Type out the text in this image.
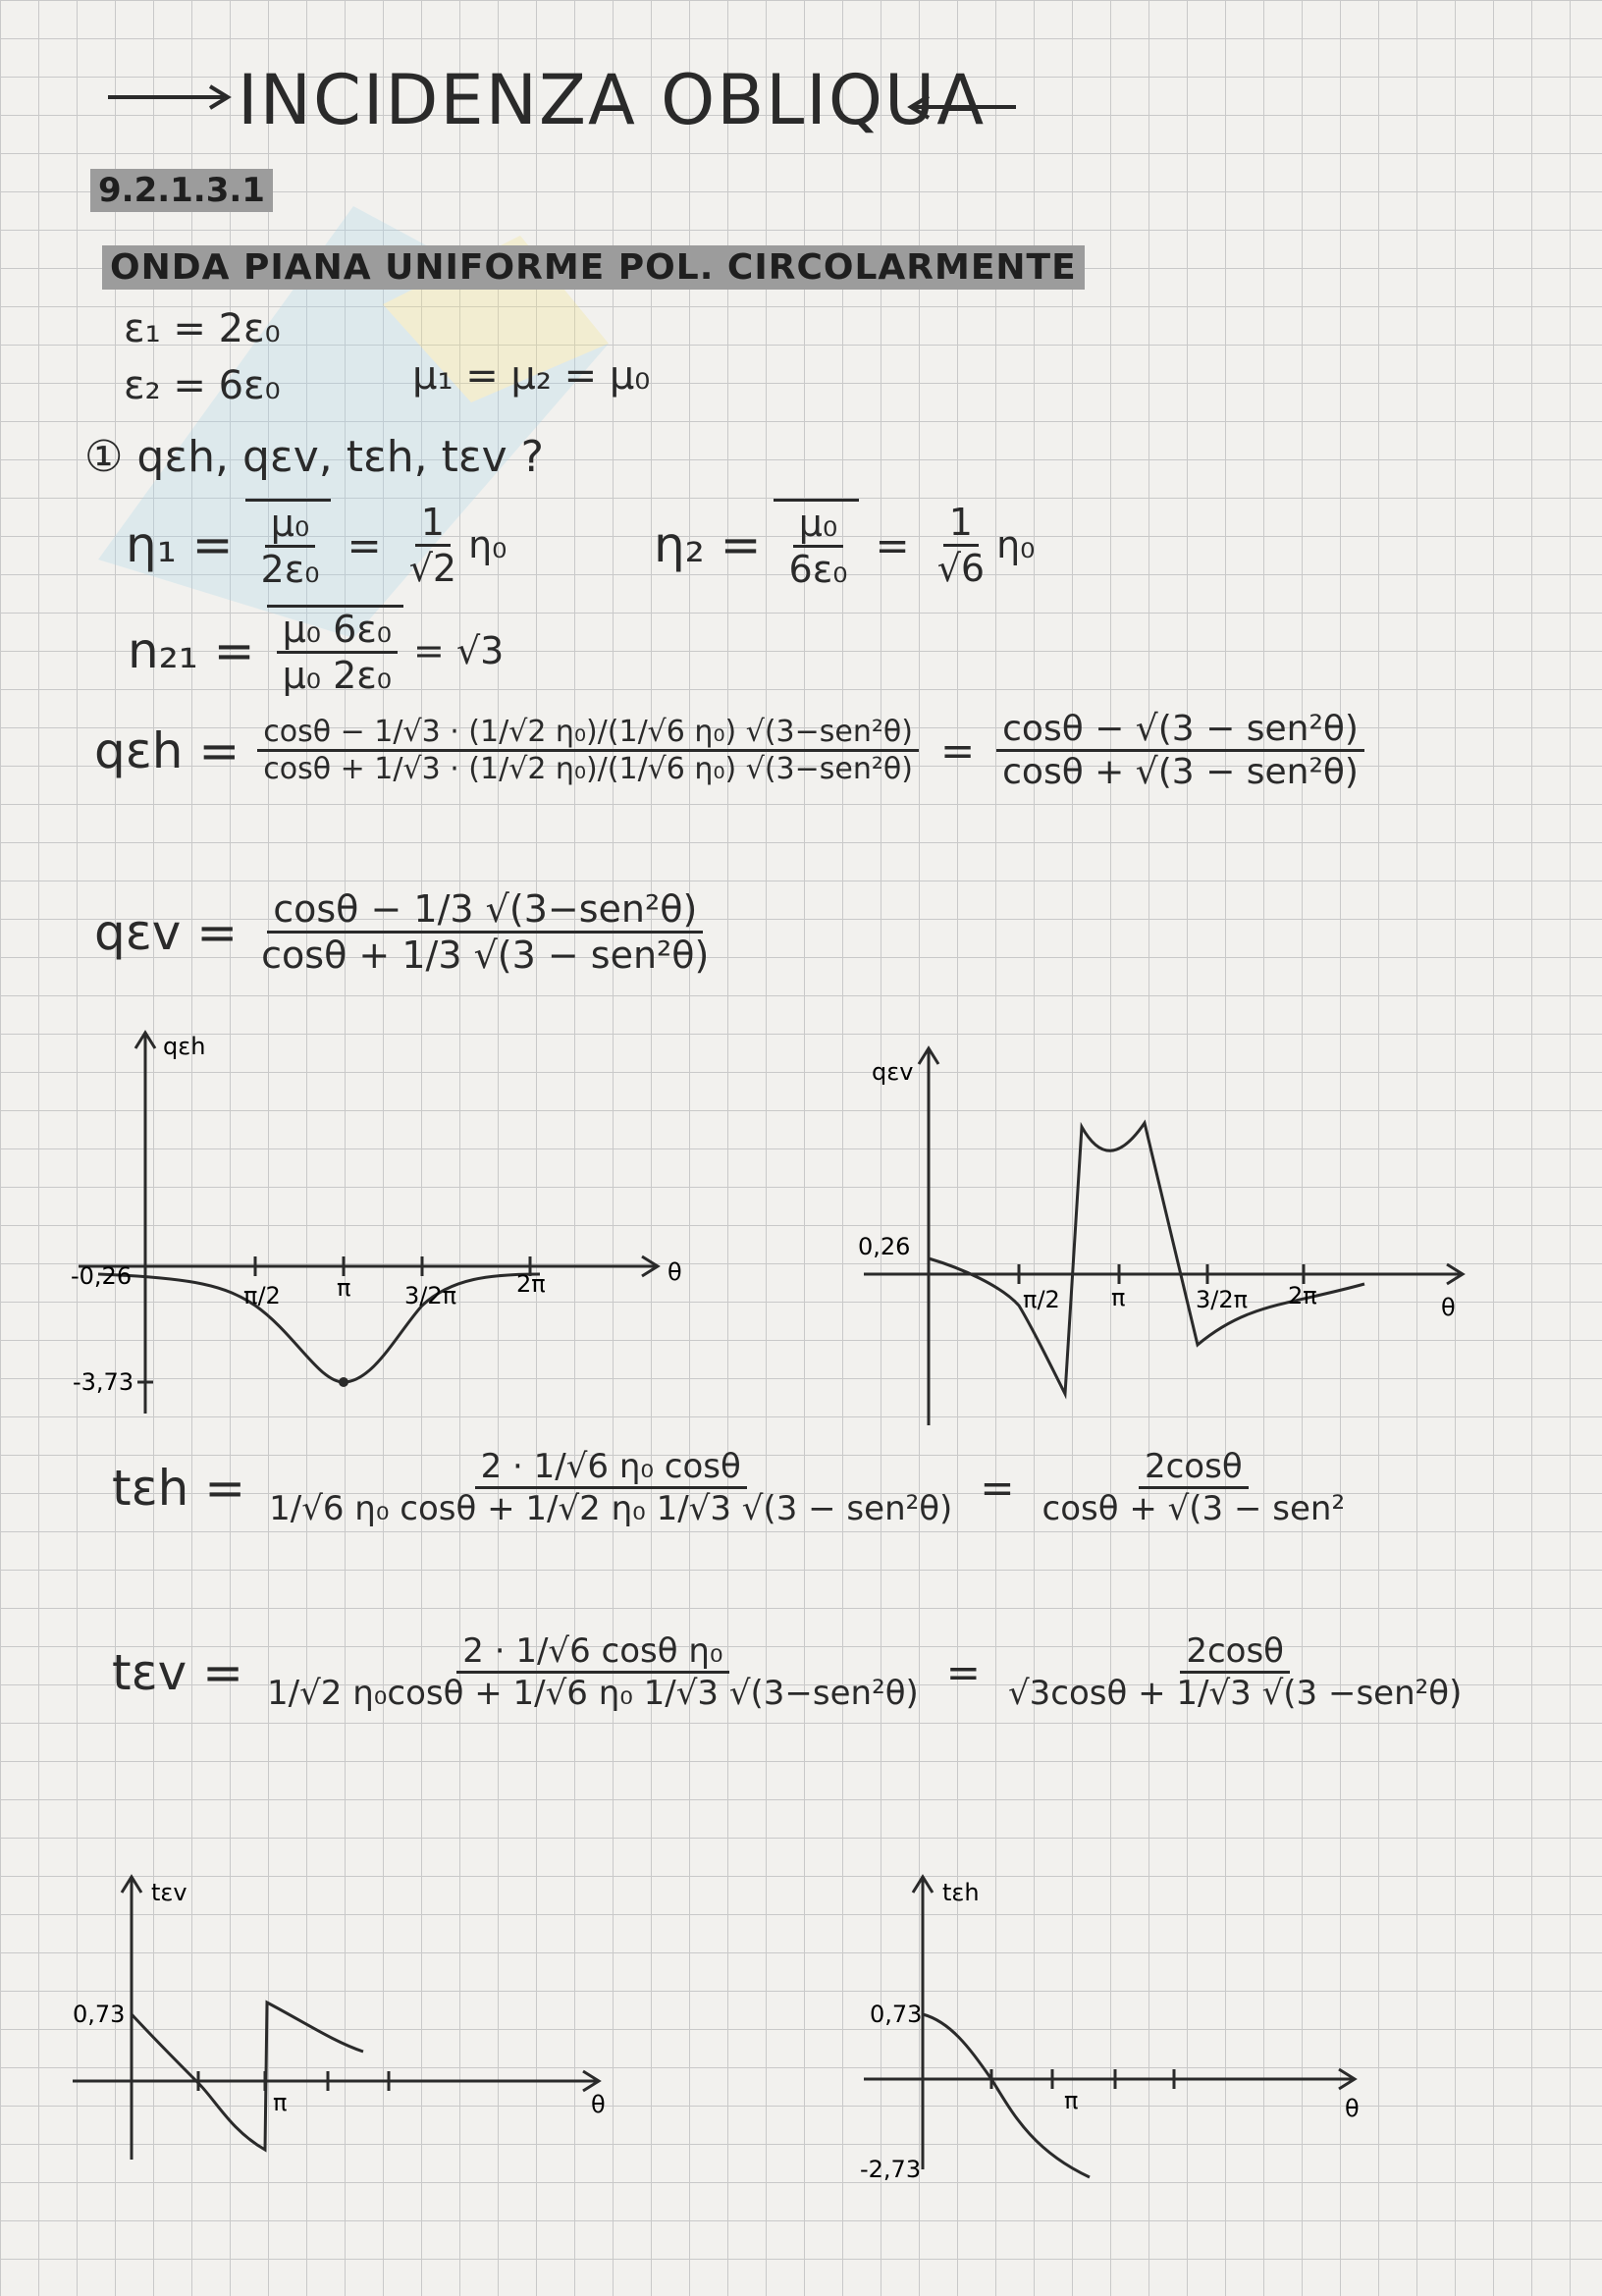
INCIDENZA OBLIQUA
9.2.1.3.1
ONDA PIANA UNIFORME POL. CIRCOLARMENTE
ε₁ = 2ε₀
ε₂ = 6ε₀	μ₁ = μ₂ = μ₀
① qεh, qεv, tεh, tεv ?
$\eta_1 = \frac{\text{μ₀}}{\text{2ε₀}} = \frac{1}{√2} \eta_0$	$\eta_2 = \frac{\text{μ₀}}{\text{6ε₀}} = \frac{1}{√6} \eta_0$
$n_{21} = \frac{\text{μ₀ 6ε₀}}{\text{μ₀ 2ε₀}} = √3$
$q\varepsilon h = \frac{\text{cosθ − 1/√3 · (1/√2 η₀)/(1/√6 η₀) √(3−sen²θ)}}{\text{cosθ + 1/√3 · (1/√2 η₀)/(1/√6 η₀) √(3−sen²θ)}} = \frac{\text{cosθ − √(3 − sen²θ)}}{\text{cosθ + √(3 − sen²θ)}}$
$q\varepsilon v = \frac{\text{cosθ − 1/3 √(3−sen²θ)}}{\text{cosθ + 1/3 √(3 − sen²θ)}}$
qεh
θ
-0,26
-3,73
π/2 π 3/2π	2π
qεv
θ
0,26
π/2 π	3/2π 2π
$t\varepsilon h = \frac{\text{2 · 1/√6 η₀ cosθ}}{\text{1/√6 η₀ cosθ + 1/√2 η₀ 1/√3 √(3 − sen²θ)}} = \frac{2\cos\theta}{\text{cosθ + √(3 − sen²}}$
$t\varepsilon v = \frac{\text{2 · 1/√6 cosθ η₀}}{\text{1/√2 η₀cosθ + 1/√6 η₀ 1/√3 √(3−sen²θ)}} = \frac{2\cos\theta}{\text{√3cosθ + 1/√3 √(3 −sen²θ)}}$
tεv
θ
0,73
π
tεh
θ
0,73
-2,73
π
